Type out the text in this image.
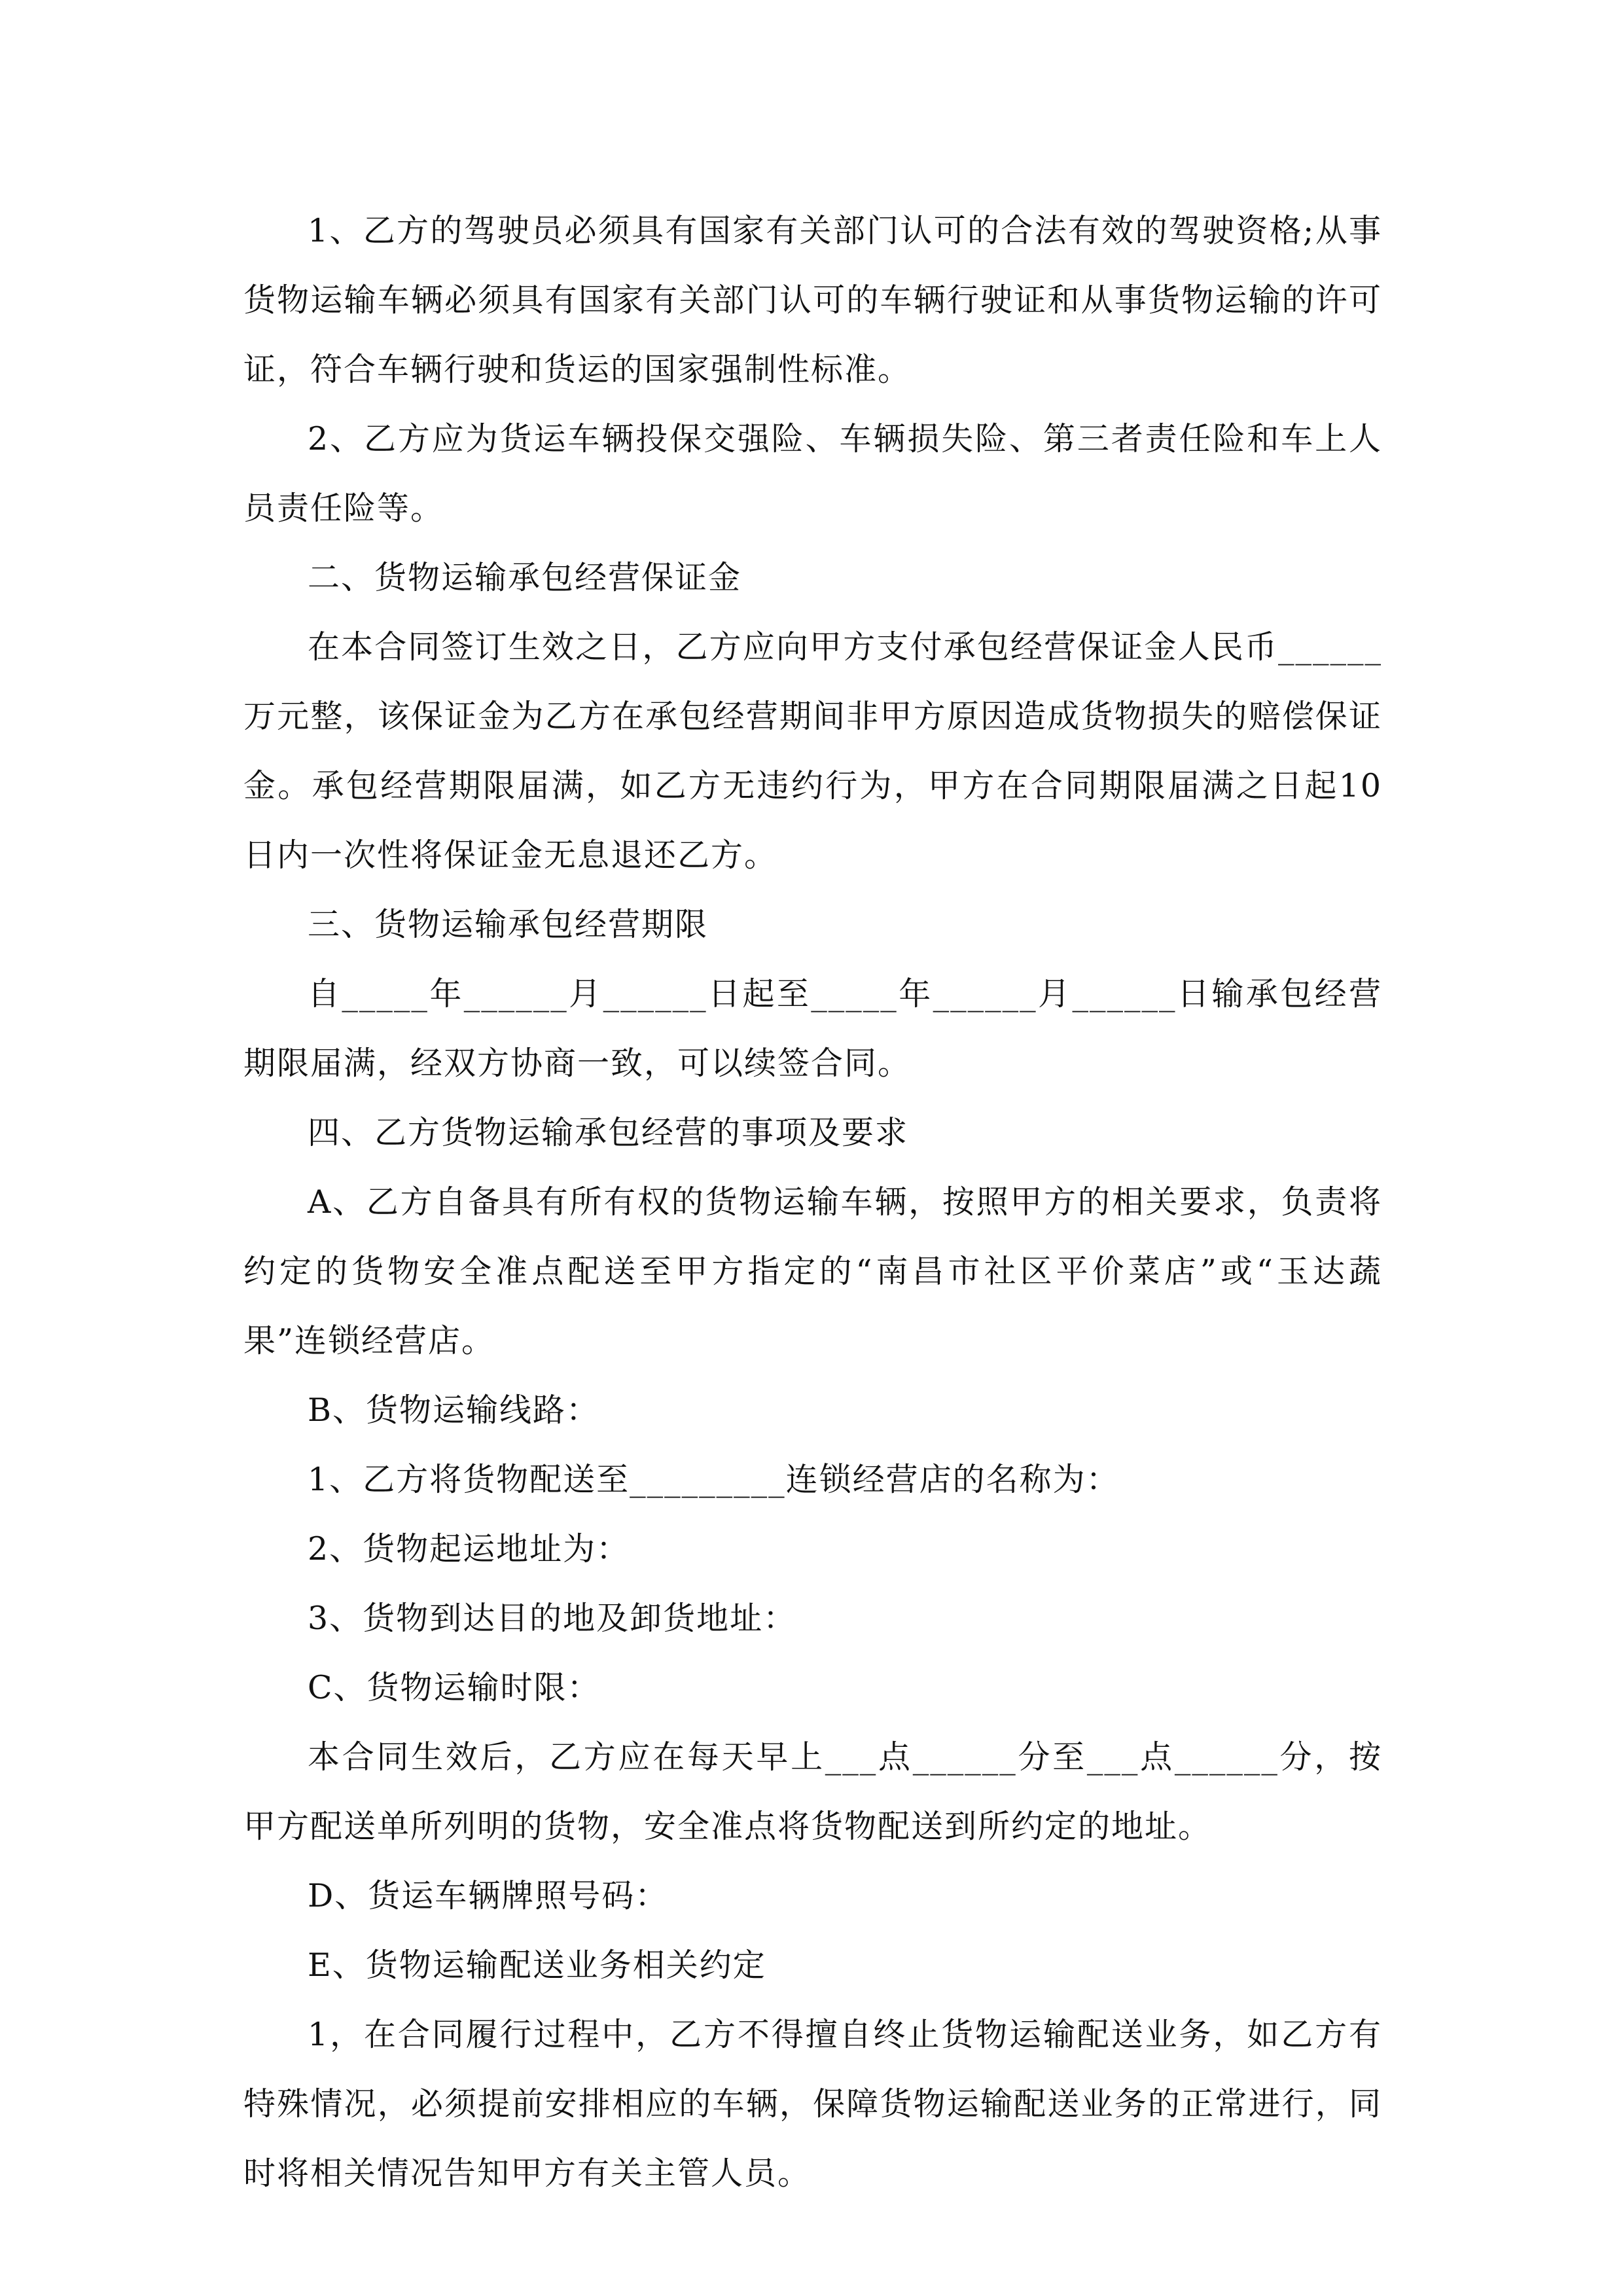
1、乙方的驾驶员必须具有国家有关部门认可的合法有效的驾驶资格;从事货物运输车辆必须具有国家有关部门认可的车辆行驶证和从事货物运输的许可证，符合车辆行驶和货运的国家强制性标准。

2、乙方应为货运车辆投保交强险、车辆损失险、第三者责任险和车上人员责任险等。

二、货物运输承包经营保证金

在本合同签订生效之日，乙方应向甲方支付承包经营保证金人民币______万元整，该保证金为乙方在承包经营期间非甲方原因造成货物损失的赔偿保证金。承包经营期限届满，如乙方无违约行为，甲方在合同期限届满之日起10日内一次性将保证金无息退还乙方。

三、货物运输承包经营期限

自_____年______月______日起至_____年______月______日输承包经营期限届满，经双方协商一致，可以续签合同。

四、乙方货物运输承包经营的事项及要求

A、乙方自备具有所有权的货物运输车辆，按照甲方的相关要求，负责将约定的货物安全准点配送至甲方指定的“南昌市社区平价菜店”或“玉达蔬果”连锁经营店。

B、货物运输线路：

1、乙方将货物配送至_________连锁经营店的名称为：

2、货物起运地址为：

3、货物到达目的地及卸货地址：

C、货物运输时限：

本合同生效后，乙方应在每天早上___点______分至___点______分，按甲方配送单所列明的货物，安全准点将货物配送到所约定的地址。

D、货运车辆牌照号码：

E、货物运输配送业务相关约定

1，在合同履行过程中，乙方不得擅自终止货物运输配送业务，如乙方有特殊情况，必须提前安排相应的车辆，保障货物运输配送业务的正常进行，同时将相关情况告知甲方有关主管人员。
